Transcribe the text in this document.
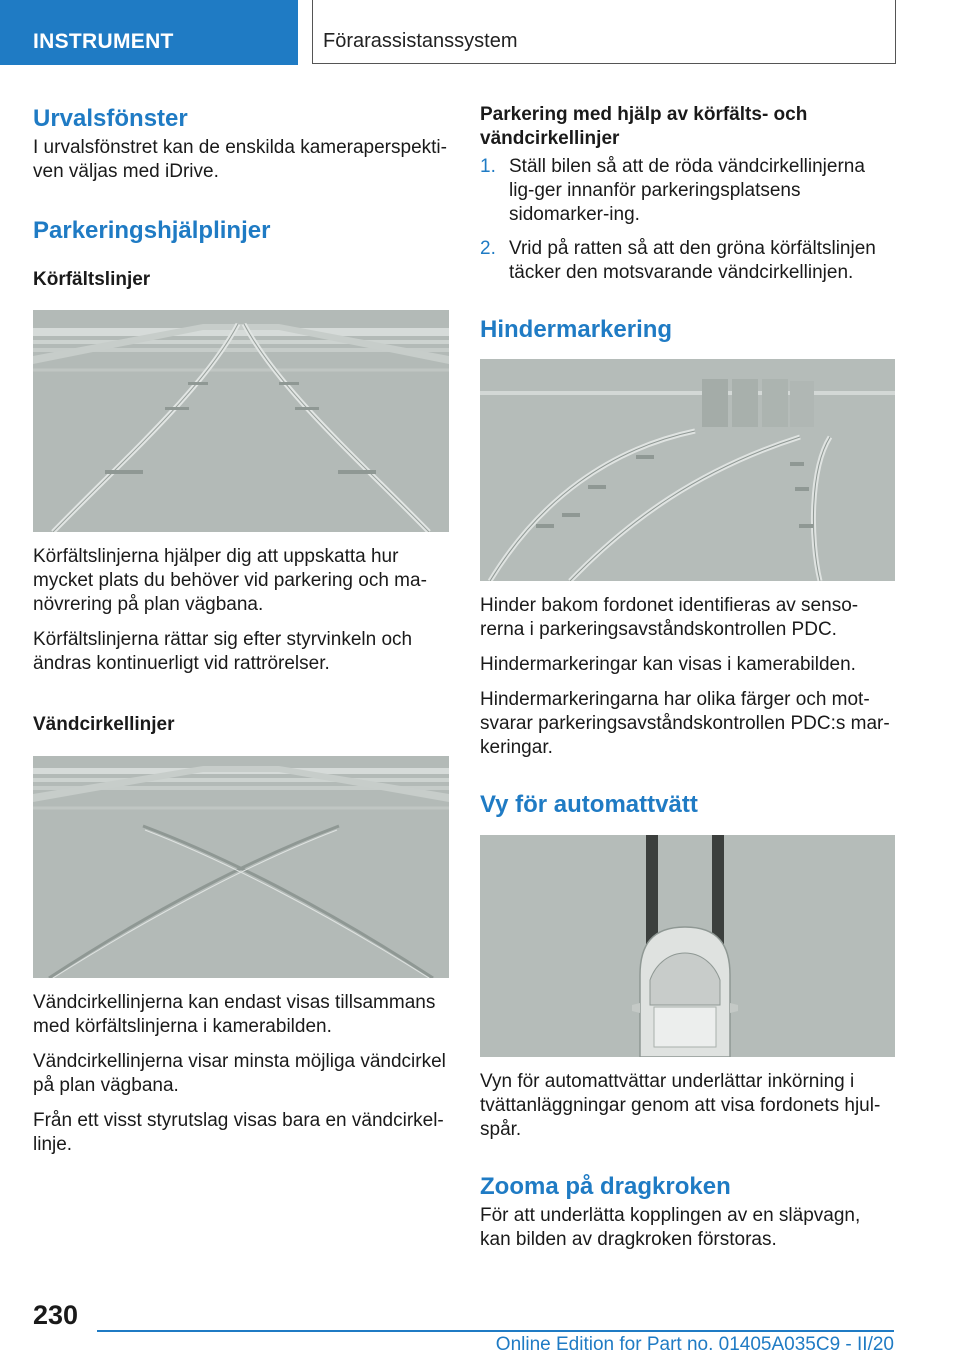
INSTRUMENT	Förarassistanssystem
Urvalsfönster

I urvalsfönstret kan de enskilda kameraperspekti-ven väljas med iDrive.

Parkeringshjälplinjer
Körfältslinjer

Körfältslinjerna hjälper dig att uppskatta hur mycket plats du behöver vid parkering och ma-növrering på plan vägbana.

Körfältslinjerna rättar sig efter styrvinkeln och ändras kontinuerligt vid rattrörelser.

Vändcirkellinjer

Vändcirkellinjerna kan endast visas tillsammans med körfältslinjerna i kamerabilden.

Vändcirkellinjerna visar minsta möjliga vändcirkel på plan vägbana.

Från ett visst styrutslag visas bara en vändcirkel-linje.

Parkering med hjälp av körfälts- och vändcirkellinjer
1. Ställ bilen så att de röda vändcirkellinjerna lig-ger innanför parkeringsplatsens sidomarker-ing.
2. Vrid på ratten så att den gröna körfältslinjen täcker den motsvarande vändcirkellinjen.
Hindermarkering

Hinder bakom fordonet identifieras av senso-rerna i parkeringsavståndskontrollen PDC.

Hindermarkeringar kan visas i kamerabilden.

Hindermarkeringarna har olika färger och mot-svarar parkeringsavståndskontrollen PDC:s mar-keringar.

Vy för automattvätt

Vyn för automattvättar underlättar inkörning i tvättanläggningar genom att visa fordonets hjul-spår.

Zooma på dragkroken

För att underlätta kopplingen av en släpvagn, kan bilden av dragkroken förstoras.

230
Online Edition for Part no. 01405A035C9 - II/20
